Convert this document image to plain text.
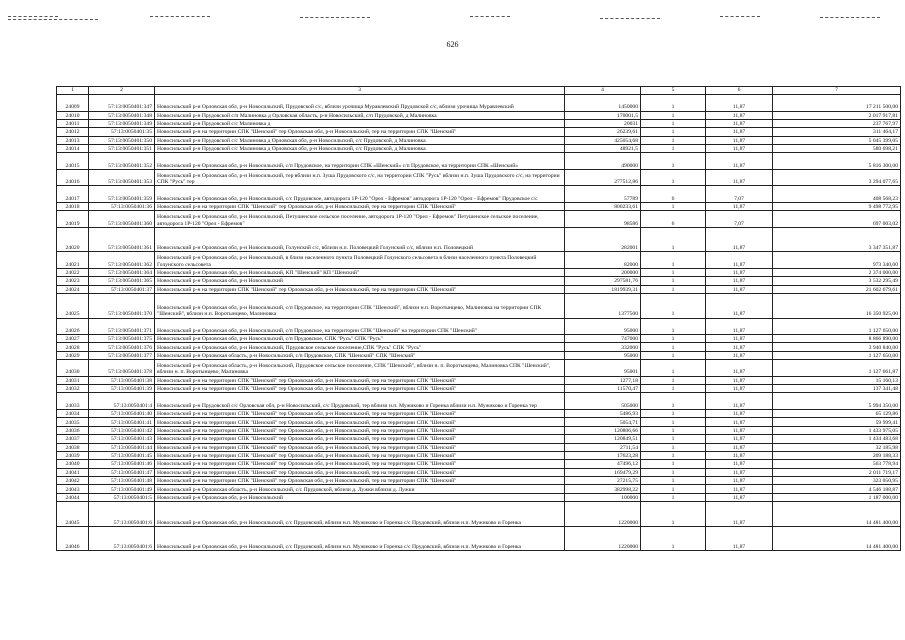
626
1	2	3	4	5	6	7
24009	57:13:0050401:347	Новосильский р-н Орловская обл, р-н Новосильский, Прудовской с/с, вблизи урочища Муравлевский Прудовской с/с, вблизи урочища Муравлевский	1450000	1	11,87	17 211 500,00
24010	57:13:0050401:348	Новосильский р-н Прудовской с/п Малиновка д Орловская область, р-н Новосильский, с/п Прудовской, д Малиновка	170001,5	1	11,87	2 017 917,81
24011	57:13:0050401:349	Новосильский р-н Прудовской с/с Малиновка д	20031	1	11,87	237 767,97
24012	57:13:0050401:35	Новосильский р-н на территории СПК "Шенский" тер Орловская обл, р-н Новосильский, тер на территории СПК "Шенский"	26239,61	1	11,87	311 464,17
24013	57:13:0050401:350	Новосильский р-н Прудовской с/с Малиновка д Орловская обл, р-н Новосильский, с/с Прудовской, д Малиновка	425054,68	1	11,87	5 045 399,05
24014	57:13:0050401:351	Новосильский р-н Прудовской с/с Малиновка д Орловская обл, р-н Новосильский, с/с Прудовской, д Малиновка	48921,5	1	11,87	580 698,21
24015	57:13:0050401:352	Новосильский р-н Орловская обл, р-н Новосильский, с/п Прудовское, на территории СПК «Шенский» с/п Прудовское, на территории СПК «Шенский»	490000	1	11,87	5 816 300,00
24016	57:13:0050401:353	Новосильский р-н Орловская обл, р-н Новосильский, тер вблизи н.п. Зуша Прудовского с/с, на территории СПК "Русь" вблизи н.п. Зуша Прудовского с/с, на территории СПК "Русь" тер	277512,86	1	11,87	3 294 077,65
24017	57:13:0050401:359	Новосильский р-н Орловская обл, р-н Новосильский, с/с Прудовское, автодорога 1Р-120 "Орел - Ефремов" автодорога 1Р-120 "Орел - Ефремов" Прудовское с/с	57789	6	7,07	408 568,23
24018	57:13:0050401:36	Новосильский р-н на территории СПК "Шенский" тер Орловская обл, р-н Новосильский, тер на территории СПК "Шенский"	800233,61	1	11,87	9 498 772,95
24019	57:13:0050401:360	Новосильский р-н Орловская обл, р-н Новосильский, Петушенское сельское поселение, автодорога 1Р-120 "Орел - Ефремов" Петушенское сельское поселение, автодорога 1Р-120 "Орел - Ефремов"	98586	6	7,07	697 003,02
24020	57:13:0050401:361	Новосильский р-н Орловская обл, р-н Новосильский, Голунский с/с, вблизи н.п. Половецкий Голунский с/с, вблизи н.п. Половецкий	282001	1	11,87	3 347 351,87
24021	57:13:0050401:362	Новосильский р-н Орловская обл, р-н Новосильский, в близи населенного пункта Половецкий Голунского сельсовета в близи населенного пункта Половецкий Голунского сельсовета	82000	1	11,87	973 340,00
24022	57:13:0050401:364	Новосильский р-н Орловская обл, р-н Новосильский, КП "Шенский" КП "Шенский"	200000	1	11,87	2 374 000,00
24023	57:13:0050401:365	Новосильский р-н Орловская обл, р-н Новосильский	297581,76	1	11,87	3 532 295,49
24024	57:13:0050401:37	Новосильский р-н на территории СПК "Шенский" тер Орловская обл, р-н Новосильский, тер на территории СПК "Шенский"	1819939,31	1	11,87	21 602 679,61
24025	57:13:0050401:370	Новосильский р-н Орловская обл, р-н Новосильский, с/п Прудовское, на территории СПК "Шенский", вблизи н.п. Воротынцево, Малиновка на территории СПК "Шенский", вблизи н.п. Воротынцево, Малиновка	1377500	1	11,87	16 350 925,00
24026	57:13:0050401:371	Новосильский р-н Орловская обл, р-н Новосильский, с/п Прудовское, на территории СПК "Шенский" на территории СПК "Шенский"	95000	1	11,87	1 127 650,00
24027	57:13:0050401:375	Новосильский р-н Орловская обл, р-н Новосильский, с/п Прудовское, СПК "Русь" СПК "Русь"	747000	1	11,87	8 866 890,00
24028	57:13:0050401:376	Новосильский р-н Орловская обл, р-н Новосильский, Прудовское сельское поселение,СПК "Русь" СПК "Русь"	332000	1	11,87	3 940 840,00
24029	57:13:0050401:377	Новосильский р-н Орловская область, р-н Новосильский, с/п Прудовское, СПК "Шенский" СПК "Шенский"	95000	1	11,87	1 127 650,00
24030	57:13:0050401:378	Новосильский р-н Орловская область, р-н Новосильский, Прудовское сельское поселение, СПК "Шенский", вблизи н. п. Воротынцево, Малиновка СПК "Шенский", вблизи н. п. Воротынцево, Малиновка	95001	1	11,87	1 127 661,87
24031	57:13:0050401:38	Новосильский р-н на территории СПК "Шенский" тер Орловская обл, р-н Новосильский, тер на территории СПК "Шенский"	1277,18	1	11,87	15 160,13
24032	57:13:0050401:39	Новосильский р-н на территории СПК "Шенский" тер Орловская обл, р-н Новосильский, тер на территории СПК "Шенский"	11570,47	1	11,87	137 341,48
24033	57:13:0050401:4	Новосильский р-н Прудовской с/с Орловская обл, р-н Новосильский, с/с Прудовской, тер вблизи н.п. Мужиково и Горенка вблизи н.п. Мужиково и Горенка тер	505000	1	11,87	5 994 350,00
24034	57:13:0050401:40	Новосильский р-н на территории СПК "Шенский" тер Орловская обл, р-н Новосильский, тер на территории СПК "Шенский"	5486,93	1	11,87	65 129,86
24035	57:13:0050401:41	Новосильский р-н на территории СПК "Шенский" тер Орловская обл, р-н Новосильский, тер на территории СПК "Шенский"	5054,71	1	11,87	59 999,41
24036	57:13:0050401:42	Новосильский р-н на территории СПК "Шенский" тер Орловская обл, р-н Новосильский, тер на территории СПК "Шенский"	120806,66	1	11,87	1 433 975,05
24037	57:13:0050401:43	Новосильский р-н на территории СПК "Шенский" тер Орловская обл, р-н Новосильский, тер на территории СПК "Шенский"	120849,51	1	11,87	1 434 483,68
24038	57:13:0050401:44	Новосильский р-н на территории СПК "Шенский" тер Орловская обл, р-н Новосильский, тер на территории СПК "Шенский"	2711,54	1	11,87	32 185,98
24039	57:13:0050401:45	Новосильский р-н на территории СПК "Шенский" тер Орловская обл, р-н Новосильский, тер на территории СПК "Шенский"	17623,28	1	11,87	209 188,33
24040	57:13:0050401:46	Новосильский р-н на территории СПК "Шенский" тер Орловская обл, р-н Новосильский, тер на территории СПК "Шенский"	47496,12	1	11,87	563 778,94
24041	57:13:0050401:47	Новосильский р-н на территории СПК "Шенский" тер Орловская обл, р-н Новосильский, тер на территории СПК "Шенский"	169479,29	1	11,87	2 011 719,17
24042	57:13:0050401:48	Новосильский р-н на территории СПК "Шенский" тер Орловская обл, р-н Новосильский, тер на территории СПК "Шенский"	27215,75	1	11,87	323 050,95
24043	57:13:0050401:49	Новосильский р-н Орловская область, р-н Новосильский, с/с Прудовской, вблизи д. Лужки вблизи д. Лужки	382998,22	1	11,87	4 546 188,87
24044	57:13:0050401:5	Новосильский р-н Орловская обл, р-н Новосильский	100000	1	11,87	1 187 000,00
24045	57:13:0050401:6	Новосильский р-н Орловская обл, р-н Новосильский, с/с Прудовский, вблизи н.п. Мужиково и Горенка с/с Прудовский, вблизи н.п. Мужиково и Горенка	1220000	1	11,87	14 481 400,00
24046	57:13:0050401:6	Новосильский р-н Орловская обл, р-н Новосильский, с/с Прудовский, вблизи н.п. Мужиково и Горенка с/с Прудовский, вблизи н.п. Мужиково и Горенка	1220000	1	11,87	14 481 400,00
